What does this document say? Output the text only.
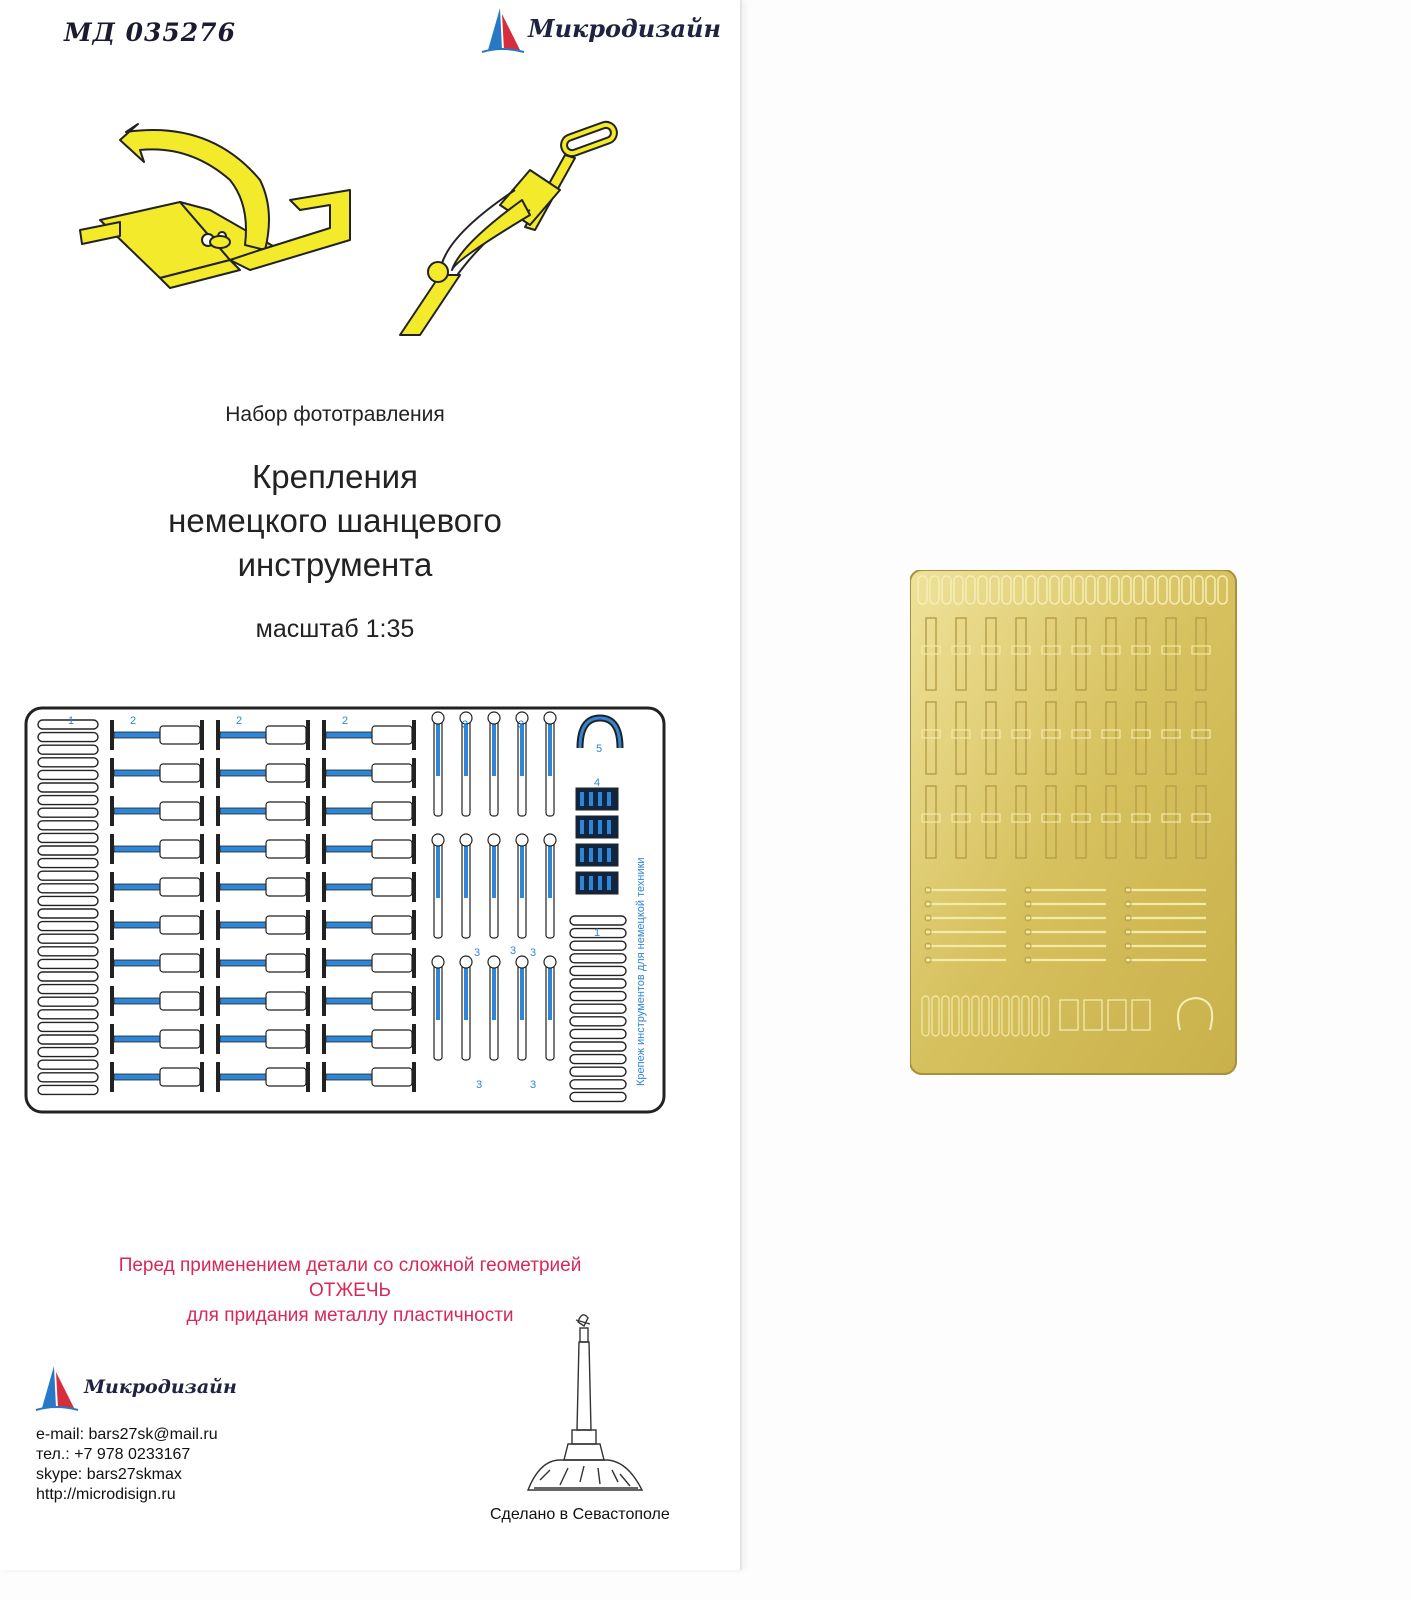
МД 035276	Микродизайн
Набор фототравления
Крепления
немецкого шанцевого
инструмента
масштаб 1:35
1	2	2	2	3	3
3	3
3
3	3
4
5
1	Крепеж инструментов для немецкой техники
Перед применением детали со сложной геометрией
ОТЖЕЧЬ
для придания металлу пластичности
Микродизайн
e-mail: bars27sk@mail.ru
тел.: +7 978 0233167
skype: bars27skmax
http://microdisign.ru
Сделано в Севастополе
